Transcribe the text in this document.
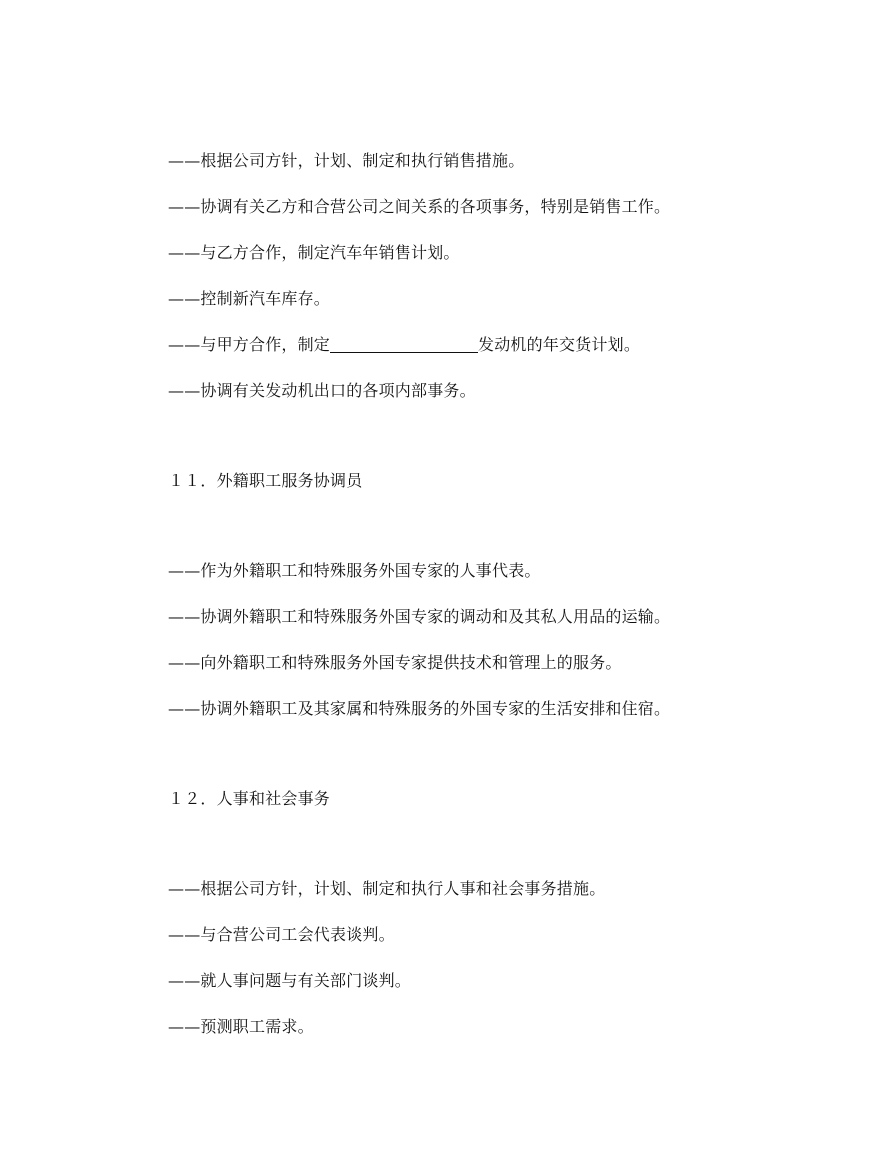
——根据公司方针，计划、制定和执行销售措施。
——协调有关乙方和合营公司之间关系的各项事务，特别是销售工作。
——与乙方合作，制定汽车年销售计划。
——控制新汽车库存。
——与甲方合作，制定	发动机的年交货计划。
——协调有关发动机出口的各项内部事务。
１１．外籍职工服务协调员
——作为外籍职工和特殊服务外国专家的人事代表。
——协调外籍职工和特殊服务外国专家的调动和及其私人用品的运输。
——向外籍职工和特殊服务外国专家提供技术和管理上的服务。
——协调外籍职工及其家属和特殊服务的外国专家的生活安排和住宿。
１２．人事和社会事务
——根据公司方针，计划、制定和执行人事和社会事务措施。
——与合营公司工会代表谈判。
——就人事问题与有关部门谈判。
——预测职工需求。
